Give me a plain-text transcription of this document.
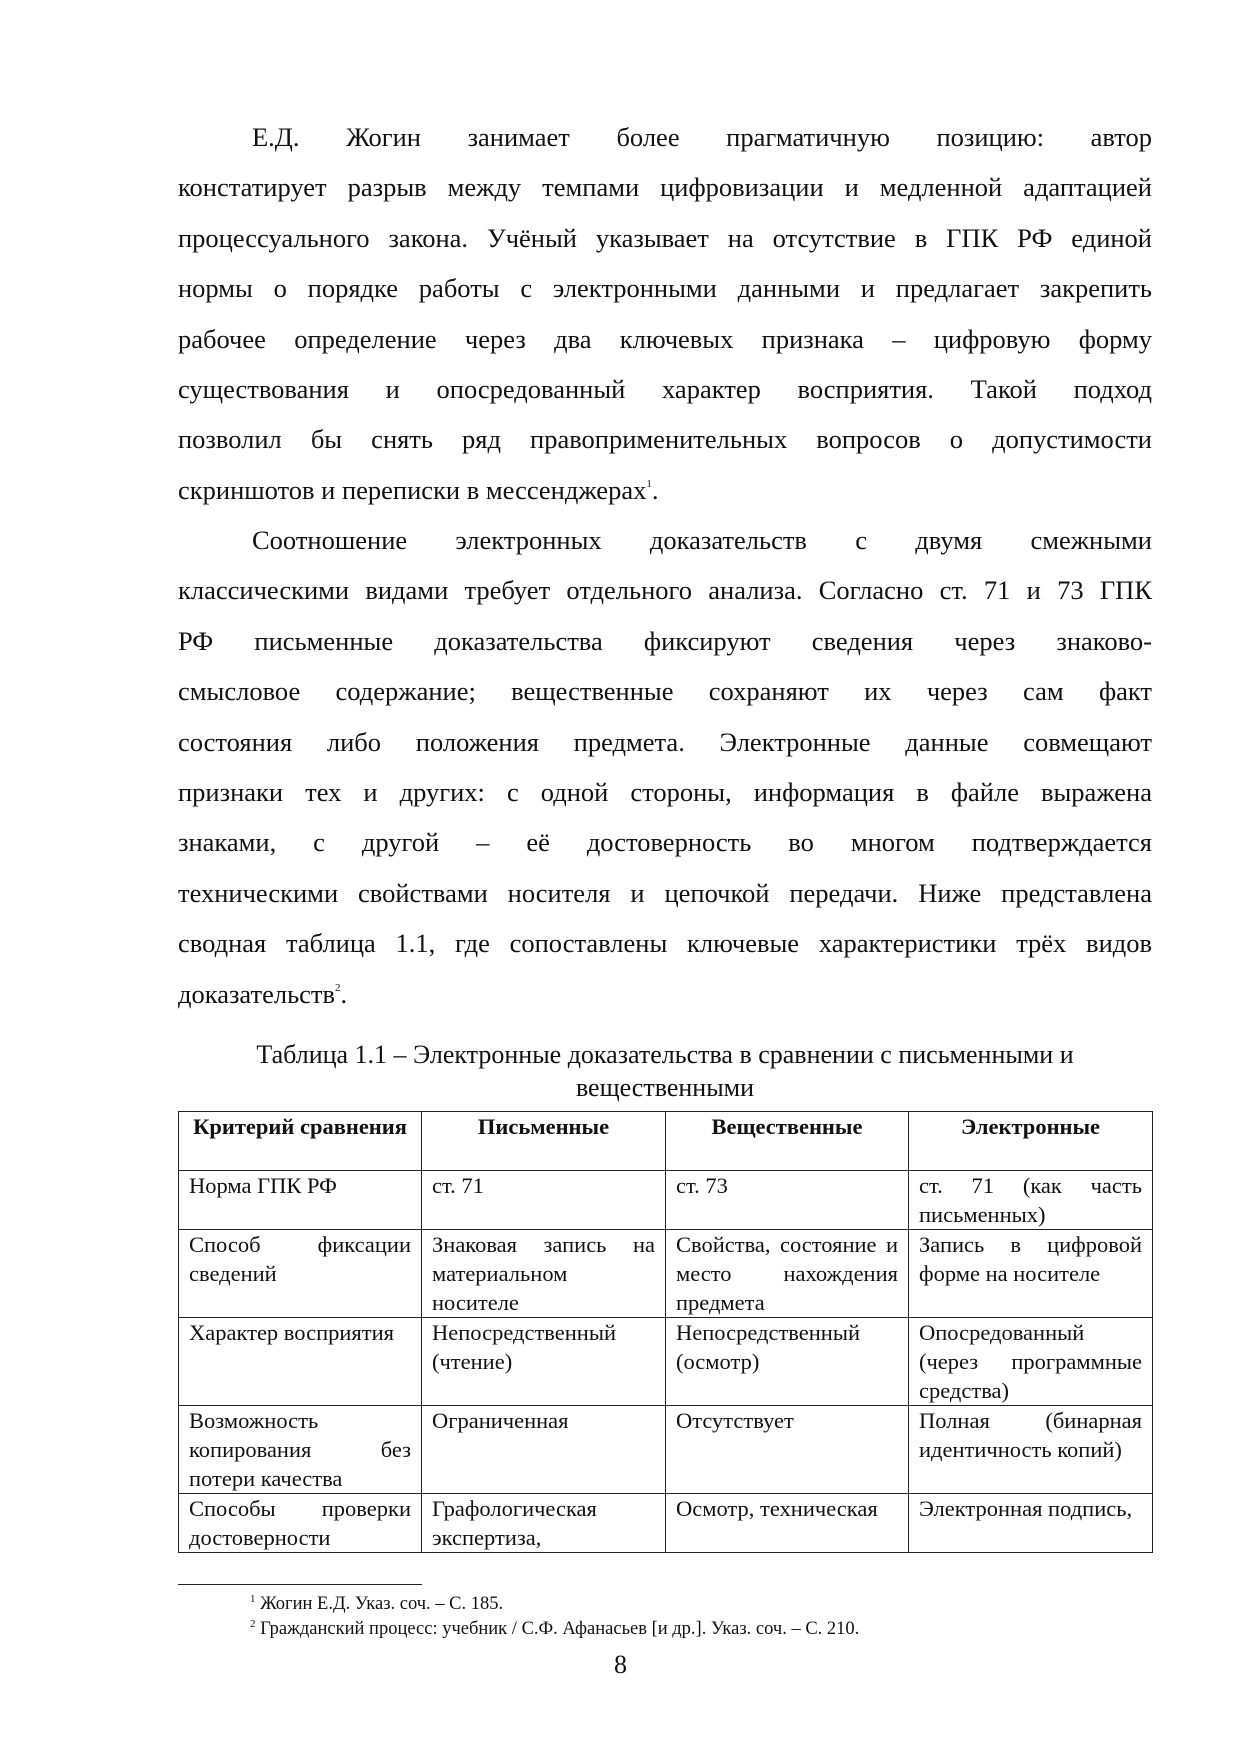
Е.Д. Жогин занимает более прагматичную позицию: автор
констатирует разрыв между темпами цифровизации и медленной адаптацией
процессуального закона. Учёный указывает на отсутствие в ГПК РФ единой
нормы о порядке работы с электронными данными и предлагает закрепить
рабочее определение через два ключевых признака – цифровую форму
существования и опосредованный характер восприятия. Такой подход
позволил бы снять ряд правоприменительных вопросов о допустимости
скриншотов и переписки в мессенджерах$^1$.

Соотношение электронных доказательств с двумя смежными
классическими видами требует отдельного анализа. Согласно ст. 71 и 73 ГПК
РФ письменные доказательства фиксируют сведения через знаково-
смысловое содержание; вещественные сохраняют их через сам факт
состояния либо положения предмета. Электронные данные совмещают
признаки тех и других: с одной стороны, информация в файле выражена
знаками, с другой – её достоверность во многом подтверждается
техническими свойствами носителя и цепочкой передачи. Ниже представлена
сводная таблица 1.1, где сопоставлены ключевые характеристики трёх видов
доказательств$^2$.

Таблица 1.1 – Электронные доказательства в сравнении с письменными и
вещественными

Критерий сравнения	Письменные	Вещественные	Электронные
Норма ГПК РФ	ст. 71	ст. 73	ст. 71 (как часть письменных)
Способ фиксации сведений	Знаковая запись на материальном носителе	Свойства, состояние и место нахождения предмета	Запись в цифровой форме на носителе
Характер восприятия	Непосредственный (чтение)	Непосредственный (осмотр)	Опосредованный (через программные средства)
Возможность копирования без потери качества	Ограниченная	Отсутствует	Полная (бинарная идентичность копий)
Способы проверки достоверности	Графологическая экспертиза,	Осмотр, техническая	Электронная подпись,

$^1$ Жогин Е.Д. Указ. соч. – С. 185.

$^2$ Гражданский процесс: учебник / С.Ф. Афанасьев [и др.]. Указ. соч. – С. 210.

8
